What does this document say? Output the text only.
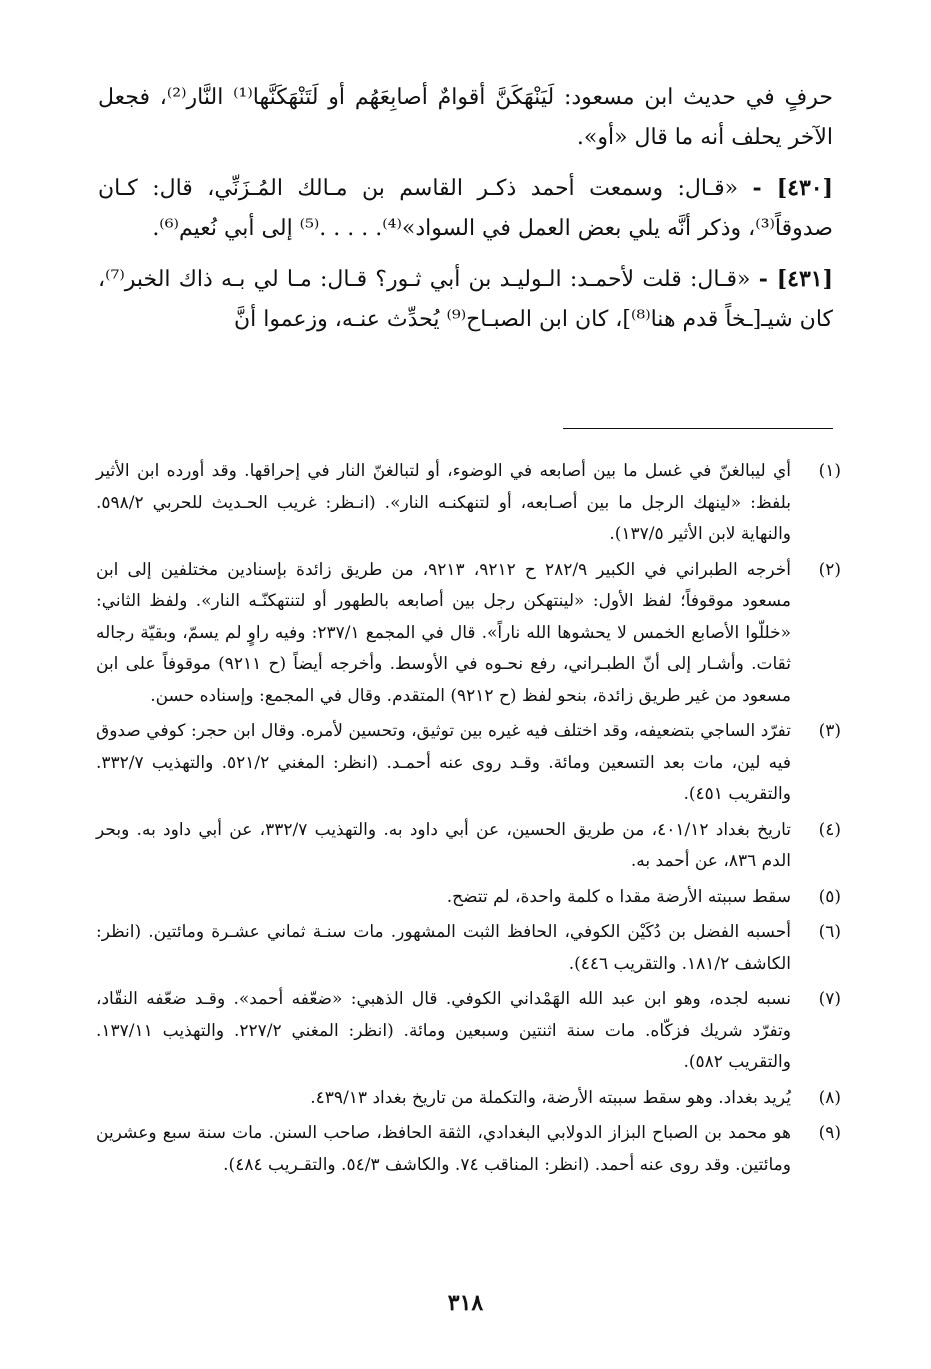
حرفٍ في حديث ابن مسعود: لَيَنْهَكَنَّ أقوامٌ أصابِعَهُم أو لَتَنْهَكَنَّها⁽¹⁾ النَّار⁽²⁾، فجعل الآخر يحلف أنه ما قال «أو».

[٤٣٠] - «قـال: وسمعت أحمد ذكـر القاسم بن مـالك المُـزَنِّي، قال: كـان صدوقاً⁽³⁾، وذكر أنَّه يلي بعض العمل في السواد»⁽⁴⁾. . . . .⁽⁵⁾ إلى أبي نُعيم⁽⁶⁾.

[٤٣١] - «قـال: قلت لأحمـد: الـوليـد بن أبي ثـور؟ قـال: مـا لي بـه ذاك الخبر⁽⁷⁾، كان شيـ[ـخاً قدم هنا⁽⁸⁾]، كان ابن الصبـاح⁽⁹⁾ يُحدِّث عنـه، وزعموا أنَّ

(١)
أي ليبالغنّ في غسل ما بين أصابعه في الوضوء، أو لتبالغنّ النار في إحراقها. وقد أورده ابن الأثير بلفظ: «لينهك الرجل ما بين أصـابعه، أو لتنهكنـه النار». (انـظر: غريب الحـديث للحربي ٥٩٨/٢. والنهاية لابن الأثير ١٣٧/٥).
(٢)
أخرجه الطبراني في الكبير ٢٨٢/٩ ح ٩٢١٢، ٩٢١٣، من طريق زائدة بإسنادين مختلفين إلى ابن مسعود موقوفاً؛ لفظ الأول: «لينتهكن رجل بين أصابعه بالطهور أو لتنتهكنّـه النار». ولفظ الثاني: «خللّوا الأصابع الخمس لا يحشوها الله ناراً». قال في المجمع ٢٣٧/١: وفيه راوٍ لم يسمّ، وبقيّة رجاله ثقات. وأشـار إلى أنّ الطبـراني، رفع نحـوه في الأوسط. وأخرجه أيضاً (ح ٩٢١١) موقوفاً على ابن مسعود من غير طريق زائدة، بنحو لفظ (ح ٩٢١٢) المتقدم. وقال في المجمع: وإسناده حسن.
(٣)
تفرّد الساجي بتضعيفه، وقد اختلف فيه غيره بين توثيق، وتحسين لأمره. وقال ابن حجر: كوفي صدوق فيه لين، مات بعد التسعين ومائة. وقـد روى عنه أحمـد. (انظر: المغني ٥٢١/٢. والتهذيب ٣٣٢/٧. والتقريب ٤٥١).
(٤)
تاريخ بغداد ٤٠١/١٢، من طريق الحسين، عن أبي داود به. والتهذيب ٣٣٢/٧، عن أبي داود به. وبحر الدم ٨٣٦، عن أحمد به.
(٥)
سقط سببته الأرضة مقدا ه كلمة واحدة، لم تتضح.
(٦)
أحسبه الفضل بن دُكَيْن الكوفي، الحافظ الثبت المشهور. مات سنـة ثماني عشـرة ومائتين. (انظر: الكاشف ١٨١/٢. والتقريب ٤٤٦).
(٧)
نسبه لجده، وهو ابن عبد الله الهَمْداني الكوفي. قال الذهبي: «ضعّفه أحمد». وقـد ضعّفه النقّاد، وتفرّد شريك فزكّاه. مات سنة اثنتين وسبعين ومائة. (انظر: المغني ٢٢٧/٢. والتهذيب ١٣٧/١١. والتقريب ٥٨٢).
(٨)
يُريد بغداد. وهو سقط سببته الأرضة، والتكملة من تاريخ بغداد ٤٣٩/١٣.
(٩)
هو محمد بن الصباح البزاز الدولابي البغدادي، الثقة الحافظ، صاحب السنن. مات سنة سبع وعشرين ومائتين. وقد روى عنه أحمد. (انظر: المناقب ٧٤. والكاشف ٥٤/٣. والتقـريب ٤٨٤).
٣١٨
